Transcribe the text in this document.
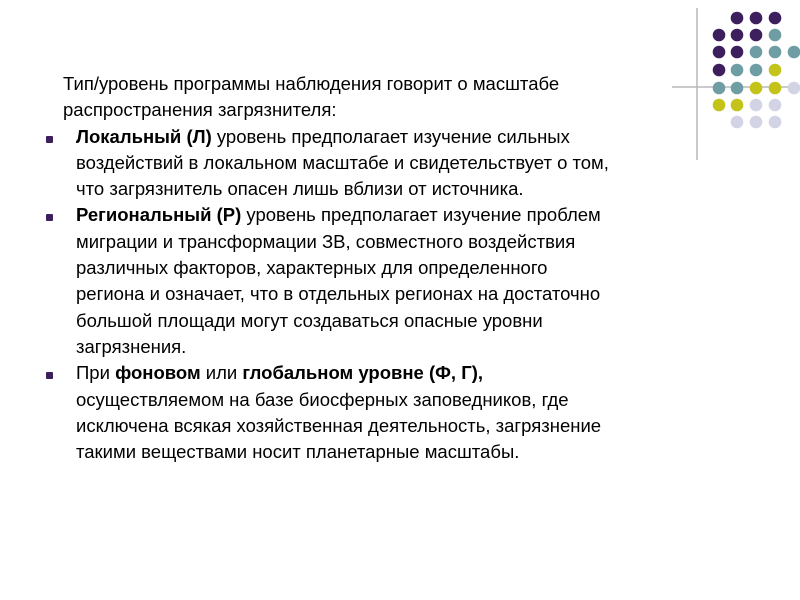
Тип/уровень программы наблюдения говорит о масштабе
распространения загрязнителя:

Локальный (Л) уровень предполагает изучение сильных
воздействий в локальном масштабе и свидетельствует о том,
что загрязнитель опасен лишь вблизи от источника.
Региональный (Р) уровень предполагает изучение проблем
миграции и трансформации ЗВ, совместного воздействия
различных факторов, характерных для определенного
региона и означает, что в отдельных регионах на достаточно
большой площади могут создаваться опасные уровни
загрязнения.
При фоновом или глобальном уровне (Ф, Г),
осуществляемом на базе биосферных заповедников, где
исключена всякая хозяйственная деятельность, загрязнение
такими веществами носит планетарные масштабы.
